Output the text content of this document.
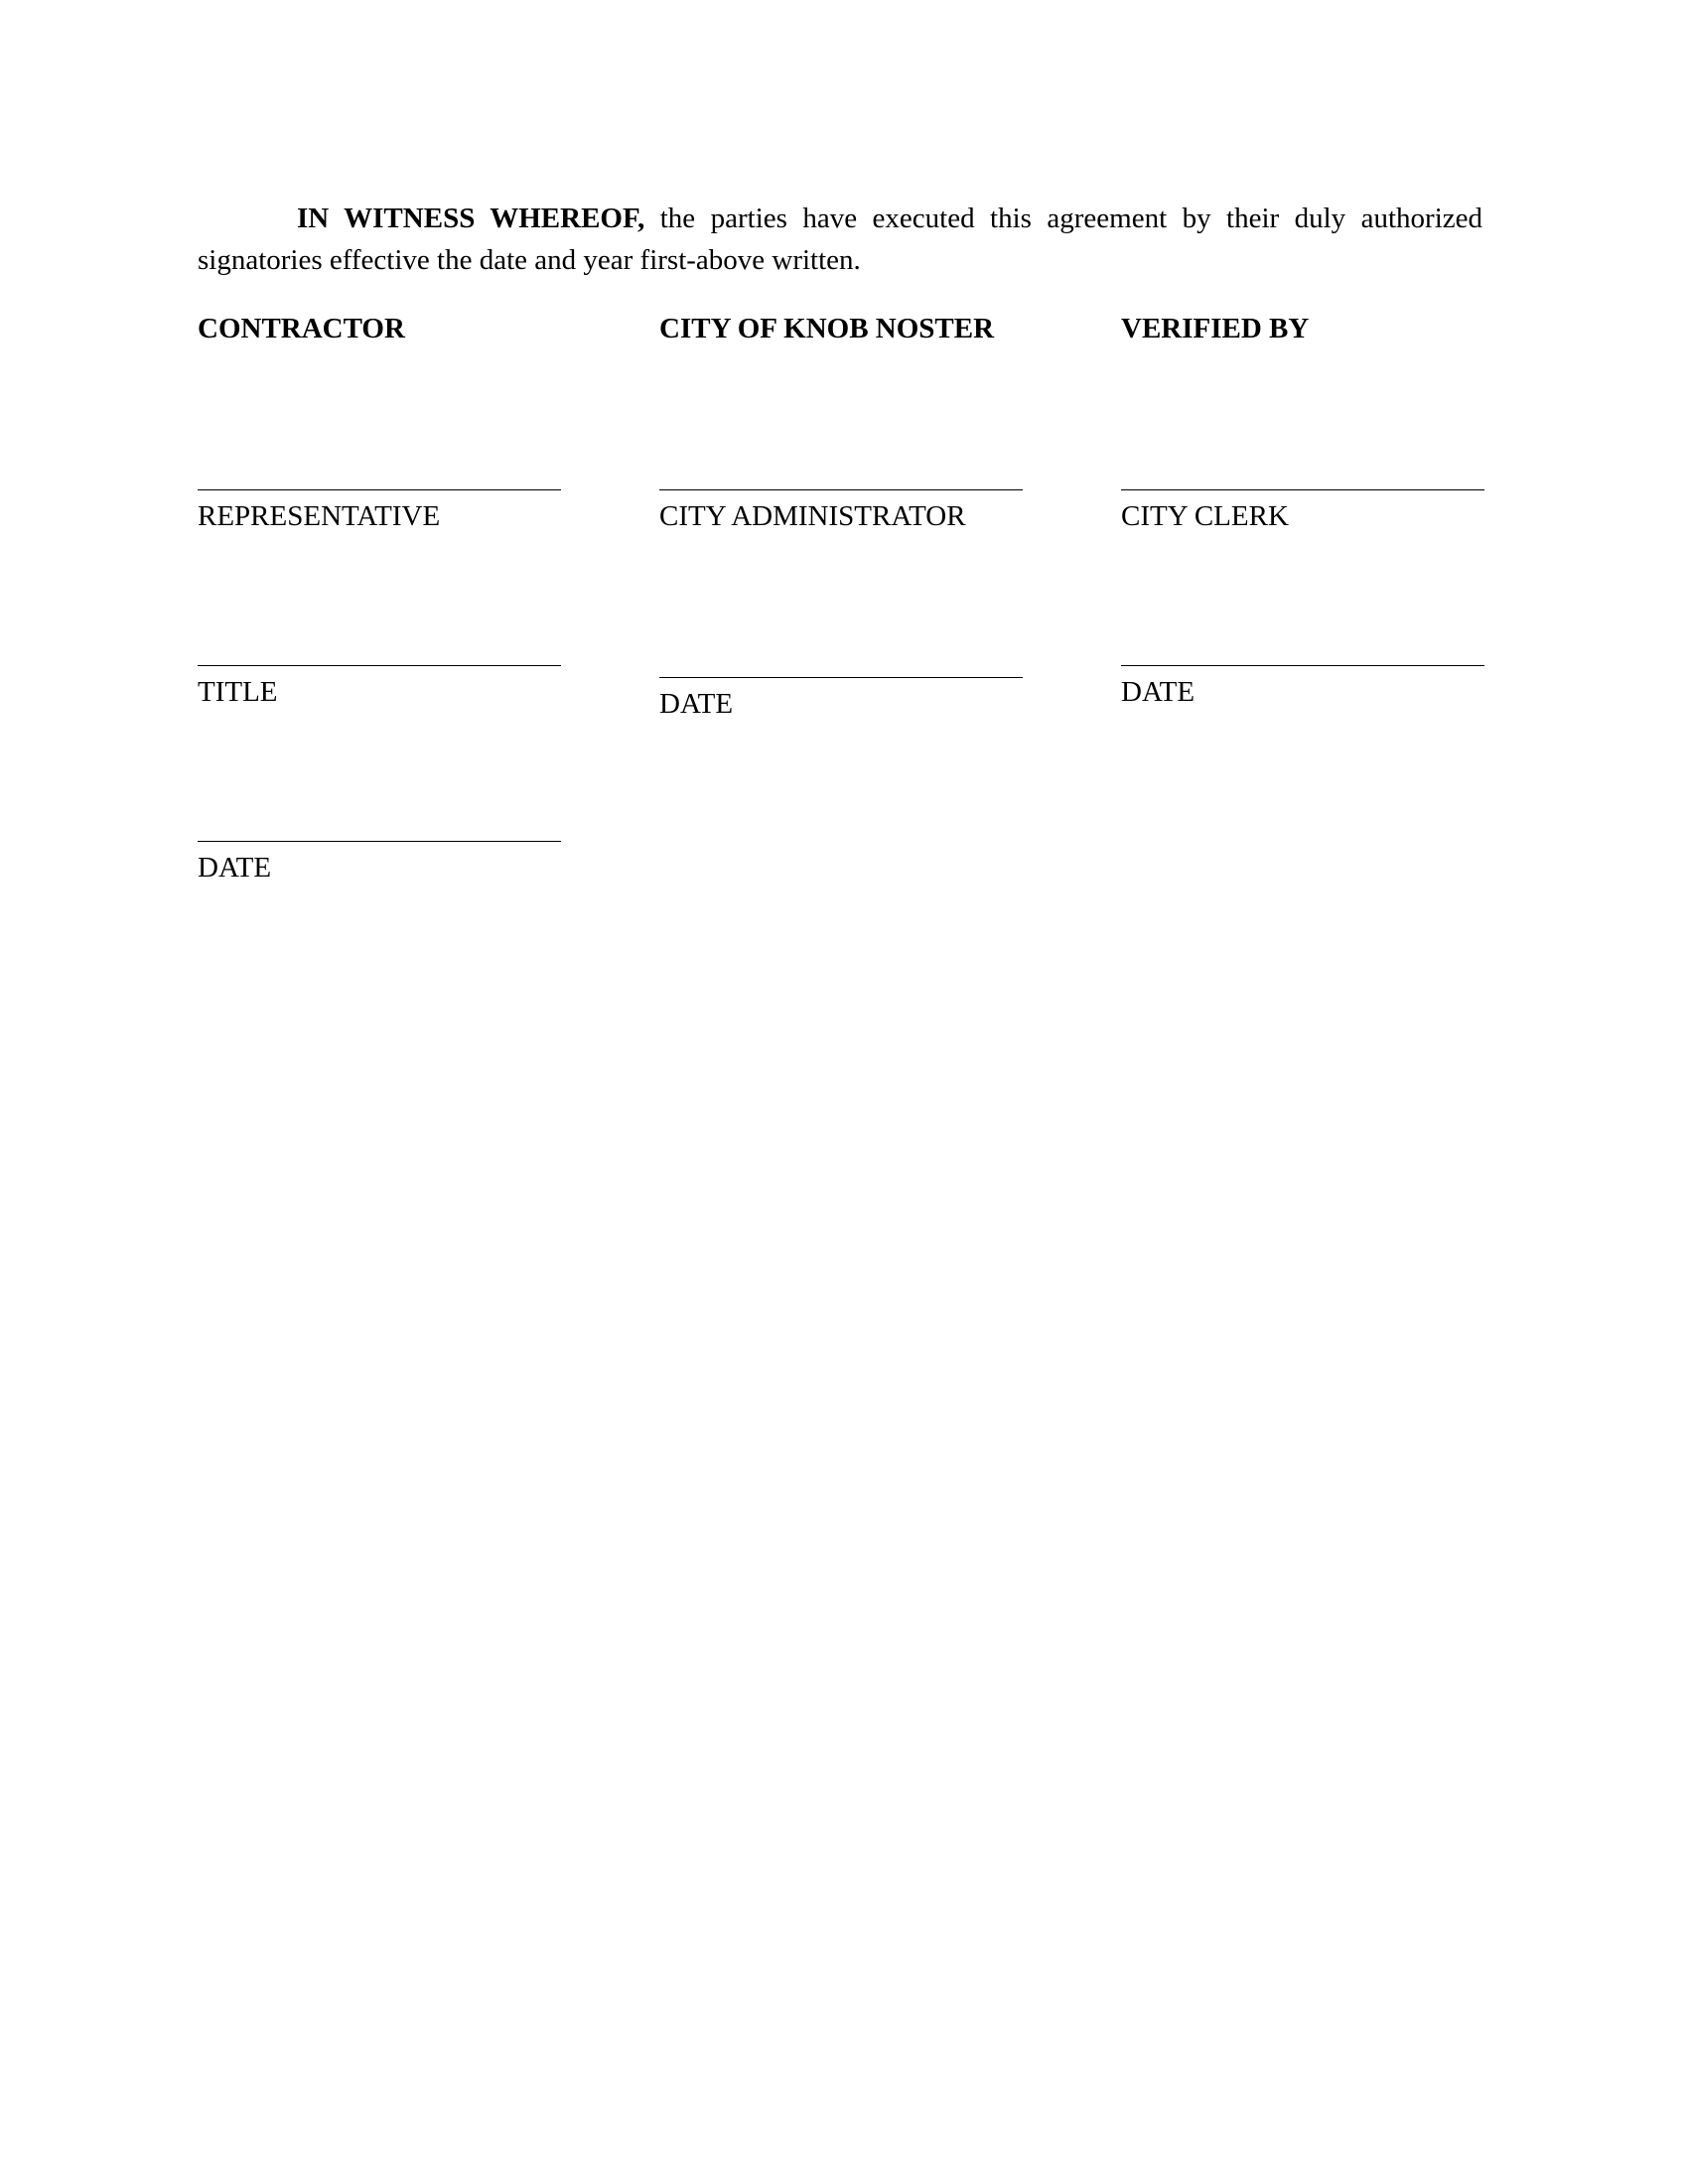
IN WITNESS WHEREOF, the parties have executed this agreement by their duly authorized signatories effective the date and year first-above written.

CONTRACTOR
REPRESENTATIVE
TITLE
DATE
CITY OF KNOB NOSTER
CITY ADMINISTRATOR
DATE
VERIFIED BY
CITY CLERK
DATE
